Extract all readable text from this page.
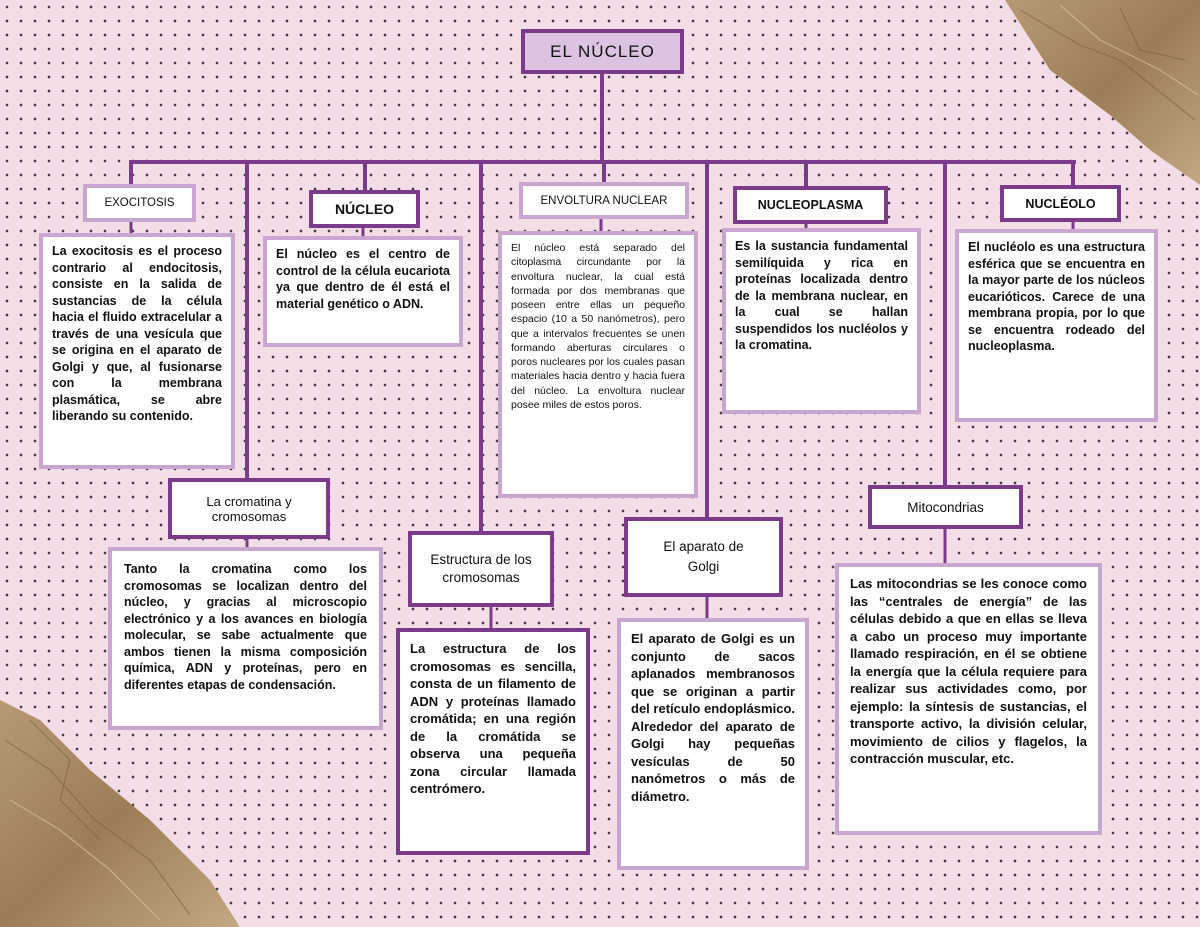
EL NÚCLEO
EXOCITOSIS	NÚCLEO
ENVOLTURA NUCLEAR	NUCLEOPLASMA	NUCLÉOLO
La exocitosis es el proceso contrario al endocitosis, consiste en la salida de sustancias de la célula hacia el fluido extracelular a través de una vesícula que se origina en el aparato de Golgi y que, al fusionarse con la membrana plasmática, se abre liberando su contenido.
El núcleo es el centro de control de la célula eucariota ya que dentro de él está el material genético o ADN.
El núcleo está separado del citoplasma circundante por la envoltura nuclear, la cual está formada por dos membranas que poseen entre ellas un pequeño espacio (10 a 50 nanómetros), pero que a intervalos frecuentes se unen formando aberturas circulares o poros nucleares por los cuales pasan materiales hacia dentro y hacia fuera del núcleo. La envoltura nuclear posee miles de estos poros.
Es la sustancia fundamental semilíquida y rica en proteínas localizada dentro de la membrana nuclear, en la cual se hallan suspendidos los nucléolos y la cromatina.
El nucléolo es una estructura esférica que se encuentra en la mayor parte de los núcleos eucarióticos. Carece de una membrana propia, por lo que se encuentra rodeado del nucleoplasma.
La cromatina y cromosomas
Estructura de los cromosomas
El aparato de Golgi
Mitocondrias
Tanto la cromatina como los cromosomas se localizan dentro del núcleo, y gracias al microscopio electrónico y a los avances en biología molecular, se sabe actualmente que ambos tienen la misma composición química, ADN y proteínas, pero en diferentes etapas de condensación.
La estructura de los cromosomas es sencilla, consta de un filamento de ADN y proteínas llamado cromátida; en una región de la cromátida se observa una pequeña zona circular llamada centrómero.
El aparato de Golgi es un conjunto de sacos aplanados membranosos que se originan a partir del retículo endoplásmico. Alrededor del aparato de Golgi hay pequeñas vesículas de 50 nanómetros o más de diámetro.
Las mitocondrias se les conoce como las “centrales de energía” de las células debido a que en ellas se lleva a cabo un proceso muy importante llamado respiración, en él se obtiene la energía que la célula requiere para realizar sus actividades como, por ejemplo: la síntesis de sustancias, el transporte activo, la división celular, movimiento de cilios y flagelos, la contracción muscular, etc.
